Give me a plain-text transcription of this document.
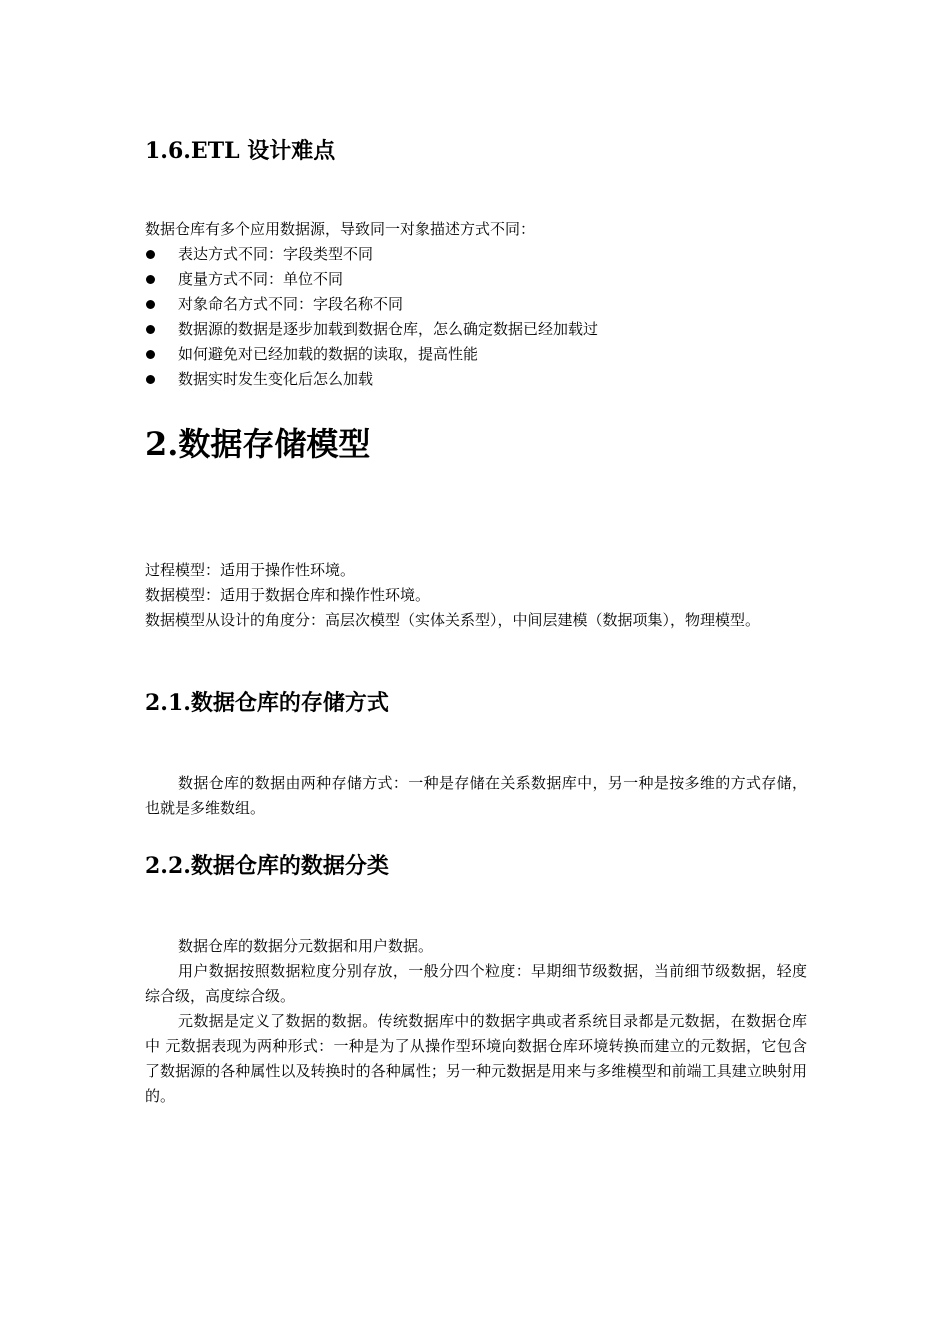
1.6.ETL 设计难点

数据仓库有多个应用数据源，导致同一对象描述方式不同：

表达方式不同：字段类型不同
度量方式不同：单位不同
对象命名方式不同：字段名称不同
数据源的数据是逐步加载到数据仓库，怎么确定数据已经加载过
如何避免对已经加载的数据的读取，提高性能
数据实时发生变化后怎么加载
2.数据存储模型

过程模型：适用于操作性环境。

数据模型：适用于数据仓库和操作性环境。

数据模型从设计的角度分：高层次模型（实体关系型），中间层建模（数据项集），物理模型。

2.1.数据仓库的存储方式

数据仓库的数据由两种存储方式：一种是存储在关系数据库中，另一种是按多维的方式存储，也就是多维数组。

2.2.数据仓库的数据分类

数据仓库的数据分元数据和用户数据。

用户数据按照数据粒度分别存放，一般分四个粒度：早期细节级数据，当前细节级数据，轻度综合级，高度综合级。

元数据是定义了数据的数据。传统数据库中的数据字典或者系统目录都是元数据，在数据仓库中 元数据表现为两种形式：一种是为了从操作型环境向数据仓库环境转换而建立的元数据，它包含了数据源的各种属性以及转换时的各种属性；另一种元数据是用来与多维模型和前端工具建立映射用的。
